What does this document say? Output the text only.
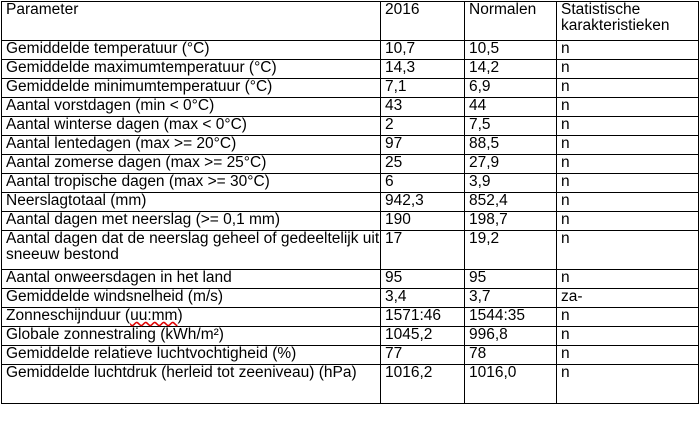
Parameter	2016	Normalen	Statistische karakteristieken
Gemiddelde temperatuur (°C)	10,7	10,5	n
Gemiddelde maximumtemperatuur (°C)	14,3	14,2	n
Gemiddelde minimumtemperatuur (°C)	7,1	6,9	n
Aantal vorstdagen (min < 0°C)	43	44	n
Aantal winterse dagen (max < 0°C)	2	7,5	n
Aantal lentedagen (max >= 20°C)	97	88,5	n
Aantal zomerse dagen (max >= 25°C)	25	27,9	n
Aantal tropische dagen (max >= 30°C)	6	3,9	n
Neerslagtotaal (mm)	942,3	852,4	n
Aantal dagen met neerslag (>= 0,1 mm)	190	198,7	n
Aantal dagen dat de neerslag geheel of gedeeltelijk uit sneeuw bestond	17	19,2	n
Aantal onweersdagen in het land	95	95	n
Gemiddelde windsnelheid (m/s)	3,4	3,7	za-
Zonneschijnduur (uu:mm)	1571:46	1544:35	n
Globale zonnestraling (kWh/m²)	1045,2	996,8	n
Gemiddelde relatieve luchtvochtigheid (%)	77	78	n
Gemiddelde luchtdruk (herleid tot zeeniveau) (hPa)	1016,2	1016,0	n
